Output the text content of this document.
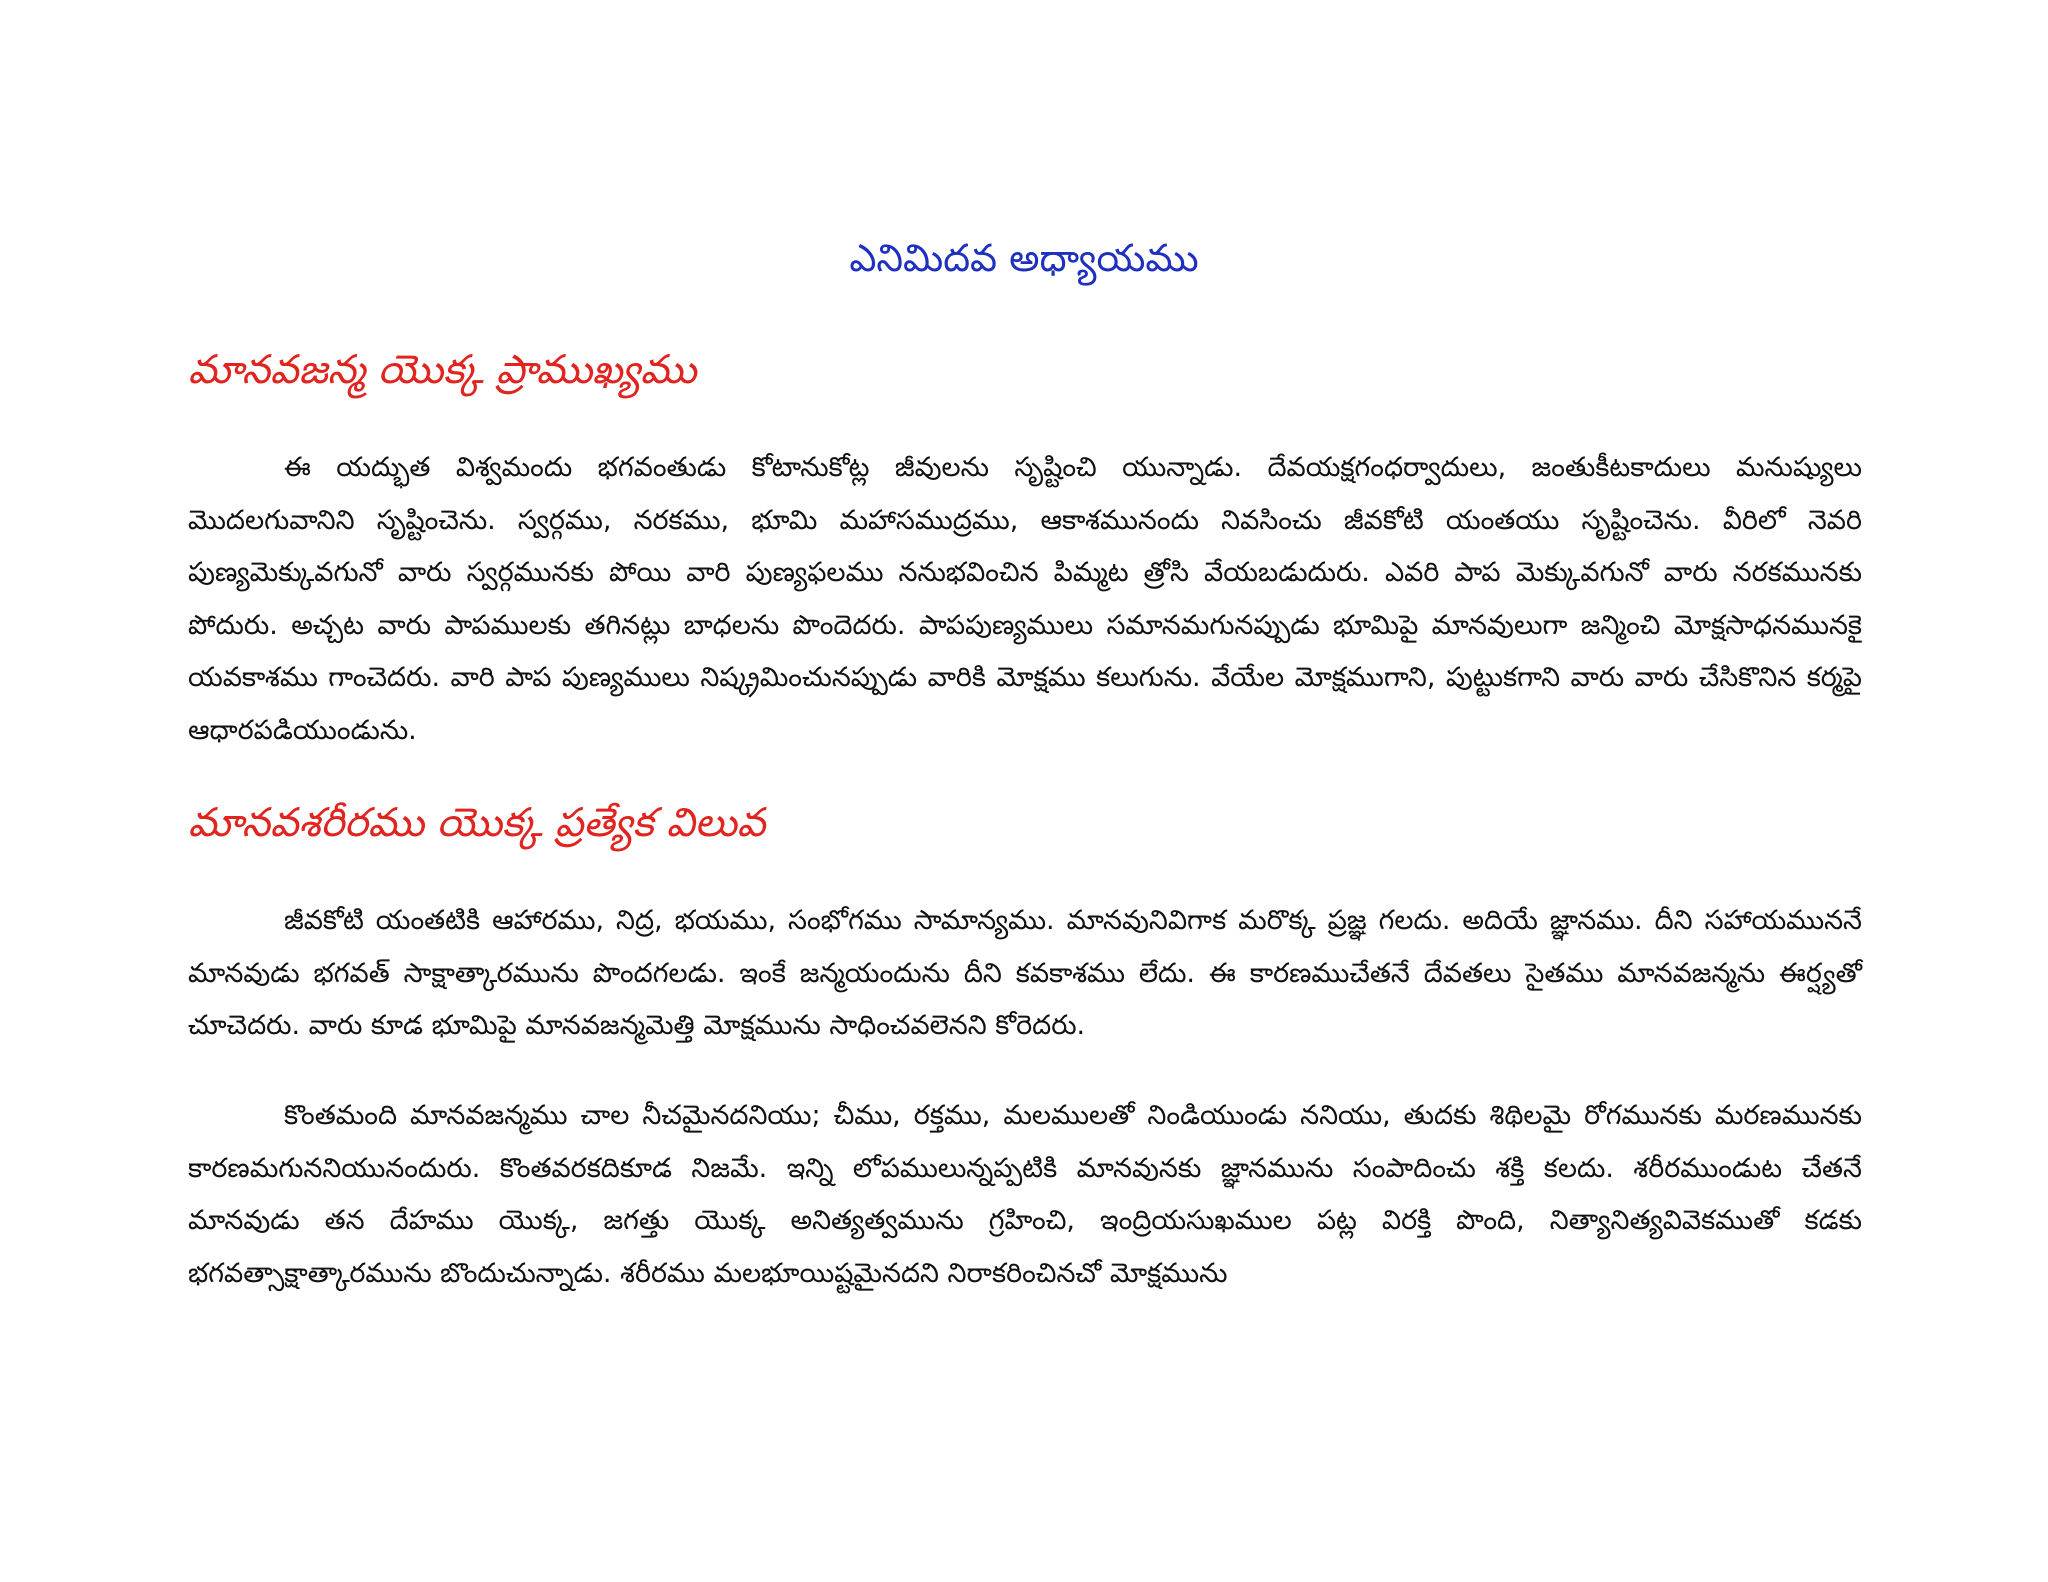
ఎనిమిదవ అధ్యాయము
మానవజన్మ యొక్క ప్రాముఖ్యము

ఈ యద్భుత విశ్వమందు భగవంతుడు కోటానుకోట్ల జీవులను సృష్టించి యున్నాడు. దేవయక్షగంధర్వాదులు, జంతుకీటకాదులు మనుష్యులు మొదలగువానిని సృష్టించెను. స్వర్గము, నరకము, భూమి మహాసముద్రము, ఆకాశమునందు నివసించు జీవకోటి యంతయు సృష్టించెను. వీరిలో నెవరి పుణ్యమెక్కువగునో వారు స్వర్గమునకు పోయి వారి పుణ్యఫలము ననుభవించిన పిమ్మట త్రోసి వేయబడుదురు. ఎవరి పాప మెక్కువగునో వారు నరకమునకు పోదురు. అచ్చట వారు పాపములకు తగినట్లు బాధలను పొందెదరు. పాపపుణ్యములు సమానమగునప్పుడు భూమిపై మానవులుగా జన్మించి మోక్షసాధనమునకై యవకాశము గాంచెదరు. వారి పాప పుణ్యములు నిష్క్రమించునప్పుడు వారికి మోక్షము కలుగును. వేయేల మోక్షముగాని, పుట్టుకగాని వారు వారు చేసికొనిన కర్మపై ఆధారపడియుండును.

మానవశరీరము యొక్క ప్రత్యేక విలువ

జీవకోటి యంతటికి ఆహారము, నిద్ర, భయము, సంభోగము సామాన్యము. మానవునివిగాక మరొక్క ప్రజ్ఞ గలదు. అదియే జ్ఞానము. దీని సహాయముననే మానవుడు భగవత్ సాక్షాత్కారమును పొందగలడు. ఇంకే జన్మయందును దీని కవకాశము లేదు. ఈ కారణముచేతనే దేవతలు సైతము మానవజన్మను ఈర్ష్యతో చూచెదరు. వారు కూడ భూమిపై మానవజన్మమెత్తి మోక్షమును సాధించవలెనని కోరెదరు.

కొంతమంది మానవజన్మము చాల నీచమైనదనియు; చీము, రక్తము, మలములతో నిండియుండు ననియు, తుదకు శిథిలమై రోగమునకు మరణమునకు కారణమగుననియునందురు. కొంతవరకదికూడ నిజమే. ఇన్ని లోపములున్నప్పటికి మానవునకు జ్ఞానమును సంపాదించు శక్తి కలదు. శరీరముండుట చేతనే మానవుడు తన దేహము యొక్క, జగత్తు యొక్క అనిత్యత్వమును గ్రహించి, ఇంద్రియసుఖముల పట్ల విరక్తి పొంది, నిత్యానిత్యవివెకముతో కడకు భగవత్సాక్షాత్కారమును బొందుచున్నాడు. శరీరము మలభూయిష్టమైనదని నిరాకరించినచో మోక్షమును
